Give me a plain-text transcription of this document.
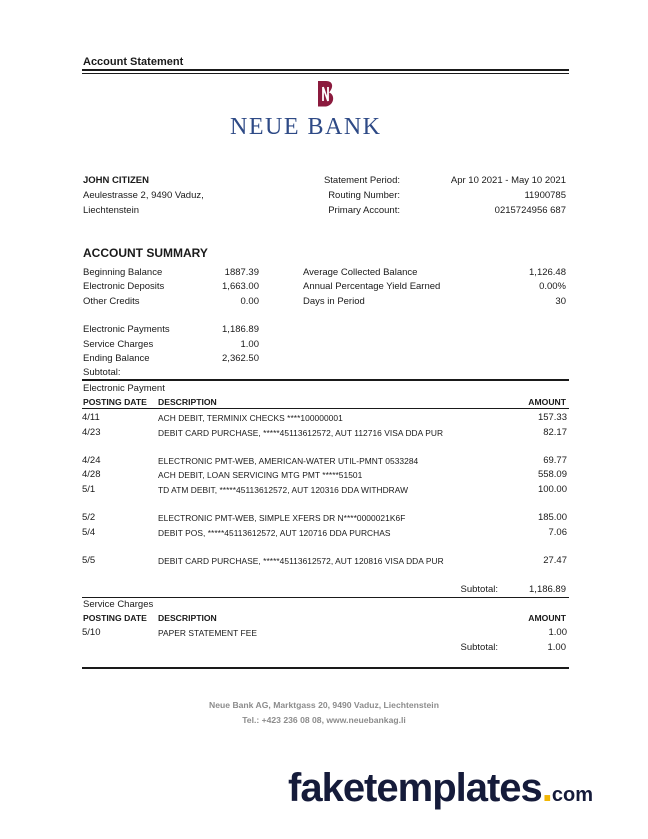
Account Statement
NEUE BANK
JOHN CITIZEN
Aeulestrasse 2, 9490 Vaduz,
Liechtenstein
Statement Period:	Apr 10 2021 - May 10 2021
Routing Number:	11900785
Primary Account:	0215724956 687
ACCOUNT SUMMARY
Beginning Balance	1887.39
Electronic Deposits	1,663.00
Other Credits	0.00
Electronic Payments	1,186.89
Service Charges	1.00
Ending Balance	2,362.50
Subtotal:
Average Collected Balance	1,126.48
Annual Percentage Yield Earned	0.00%
Days in Period	30
Electronic Payment
POSTING DATE DESCRIPTION	AMOUNT
4/11	ACH DEBIT, TERMINIX CHECKS ****100000001	157.33
4/23	DEBIT CARD PURCHASE, *****45113612572, AUT 112716 VISA DDA PUR	82.17
4/24	ELECTRONIC PMT-WEB, AMERICAN-WATER UTIL-PMNT 0533284	69.77
4/28	ACH DEBIT, LOAN SERVICING MTG PMT *****51501	558.09
5/1	TD ATM DEBIT, *****45113612572, AUT 120316 DDA WITHDRAW	100.00
5/2	ELECTRONIC PMT-WEB, SIMPLE XFERS DR N****0000021K6F	185.00
5/4	DEBIT POS, *****45113612572, AUT 120716 DDA PURCHAS	7.06
5/5	DEBIT CARD PURCHASE, *****45113612572, AUT 120816 VISA DDA PUR	27.47
Subtotal:	1,186.89
Service Charges
POSTING DATE DESCRIPTION	AMOUNT
5/10	PAPER STATEMENT FEE	1.00
Subtotal:	1.00
Neue Bank AG, Marktgass 20, 9490 Vaduz, Liechtenstein
Tel.: +423 236 08 08, www.neuebankag.li
faketemplates.com
